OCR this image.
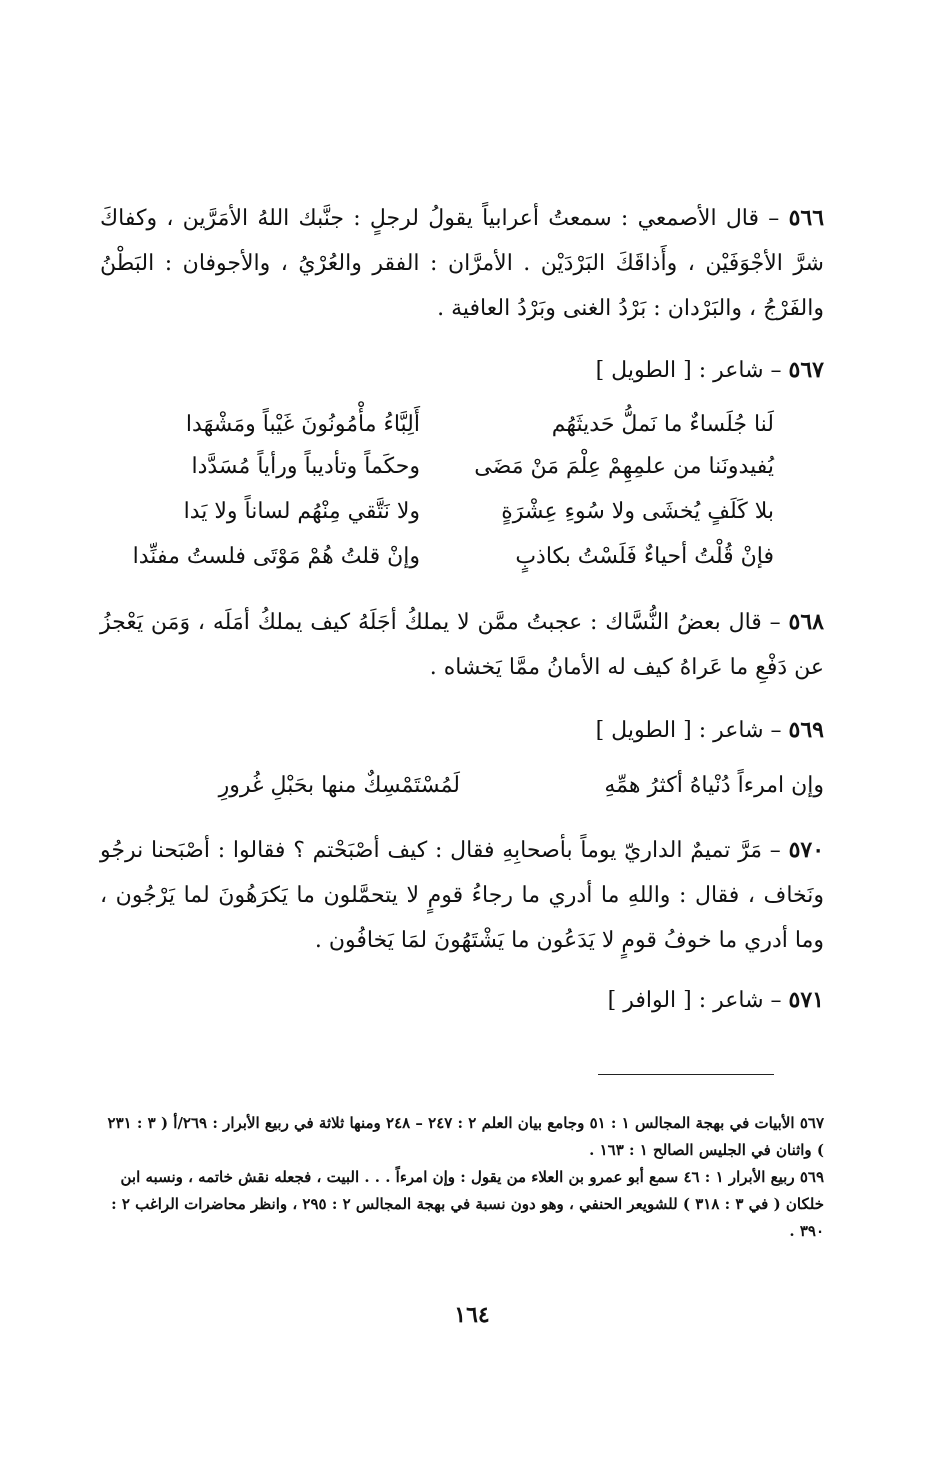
٥٦٦ – قال الأصمعي : سمعتُ أعرابياً يقولُ لرجلٍ : جنَّبك اللهُ الأمَرَّين ، وكفاكَ شرَّ الأجْوَفَيْن ، وأَذاقَكَ البَرْدَيْن . الأمرَّان : الفقر والعُرْيُ ، والأجوفان : البَطْنُ والفَرْجُ ، والبَرْدان : بَرْدُ الغنى وبَرْدُ العافية .
٥٦٧ – شاعر : [ الطويل ]
لَنا جُلَساءٌ ما نَملُّ حَديثَهُم
أَلِبَّاءُ مأْمُونُونَ غَيْباً ومَشْهَدا
يُفيدونَنا من علمِهِمْ عِلْمَ مَنْ مَضَى
وحكَماً وتأديباً ورأياً مُسَدَّدا
بلا كَلَفٍ يُخشَى ولا سُوءِ عِشْرَةٍ
ولا نَتَّقي مِنْهُم لساناً ولا يَدا
فإنْ قُلْتُ أحياءٌ فَلَسْتُ بكاذبٍ
وإنْ قلتُ هُمْ مَوْتَى فلستُ مفنِّدا
٥٦٨ – قال بعضُ النُّسَّاك : عجبتُ ممَّن لا يملكُ أجَلَهُ كيف يملكُ أمَلَه ، وَمَن يَعْجزُ عن دَفْعِ ما عَراهُ كيف له الأمانُ ممَّا يَخشاه .
٥٦٩ – شاعر : [ الطويل ]
وإن امرءاً دُنْياهُ أكثرُ همِّهِ
لَمُسْتَمْسِكٌ منها بحَبْلِ غُرورِ
٥٧٠ – مَرَّ تميمٌ الداريّ يوماً بأصحابِهِ فقال : كيف أصْبَحْتم ؟ فقالوا : أصْبَحنا نرجُو ونَخاف ، فقال : واللهِ ما أدري ما رجاءُ قومٍ لا يتحمَّلون ما يَكرَهُونَ لما يَرْجُون ، وما أدري ما خوفُ قومٍ لا يَدَعُون ما يَشْتَهُونَ لمَا يَخافُون .
٥٧١ – شاعر : [ الوافر ]

٥٦٧ الأبيات في بهجة المجالس ١ : ٥١ وجامع بيان العلم ٢ : ٢٤٧ – ٢٤٨ ومنها ثلاثة في ربيع الأبرار : ٢٦٩/أ ( ٣ : ٢٣١ ) واثنان في الجليس الصالح ١ : ١٦٣ .

٥٦٩ ربيع الأبرار ١ : ٤٦ سمع أبو عمرو بن العلاء من يقول : وإن امرءاً . . . البيت ، فجعله نقش خاتمه ، ونسبه ابن خلكان ( في ٣ : ٣١٨ ) للشويعر الحنفي ، وهو دون نسبة في بهجة المجالس ٢ : ٢٩٥ ، وانظر محاضرات الراغب ٢ : ٣٩٠ .

١٦٤
